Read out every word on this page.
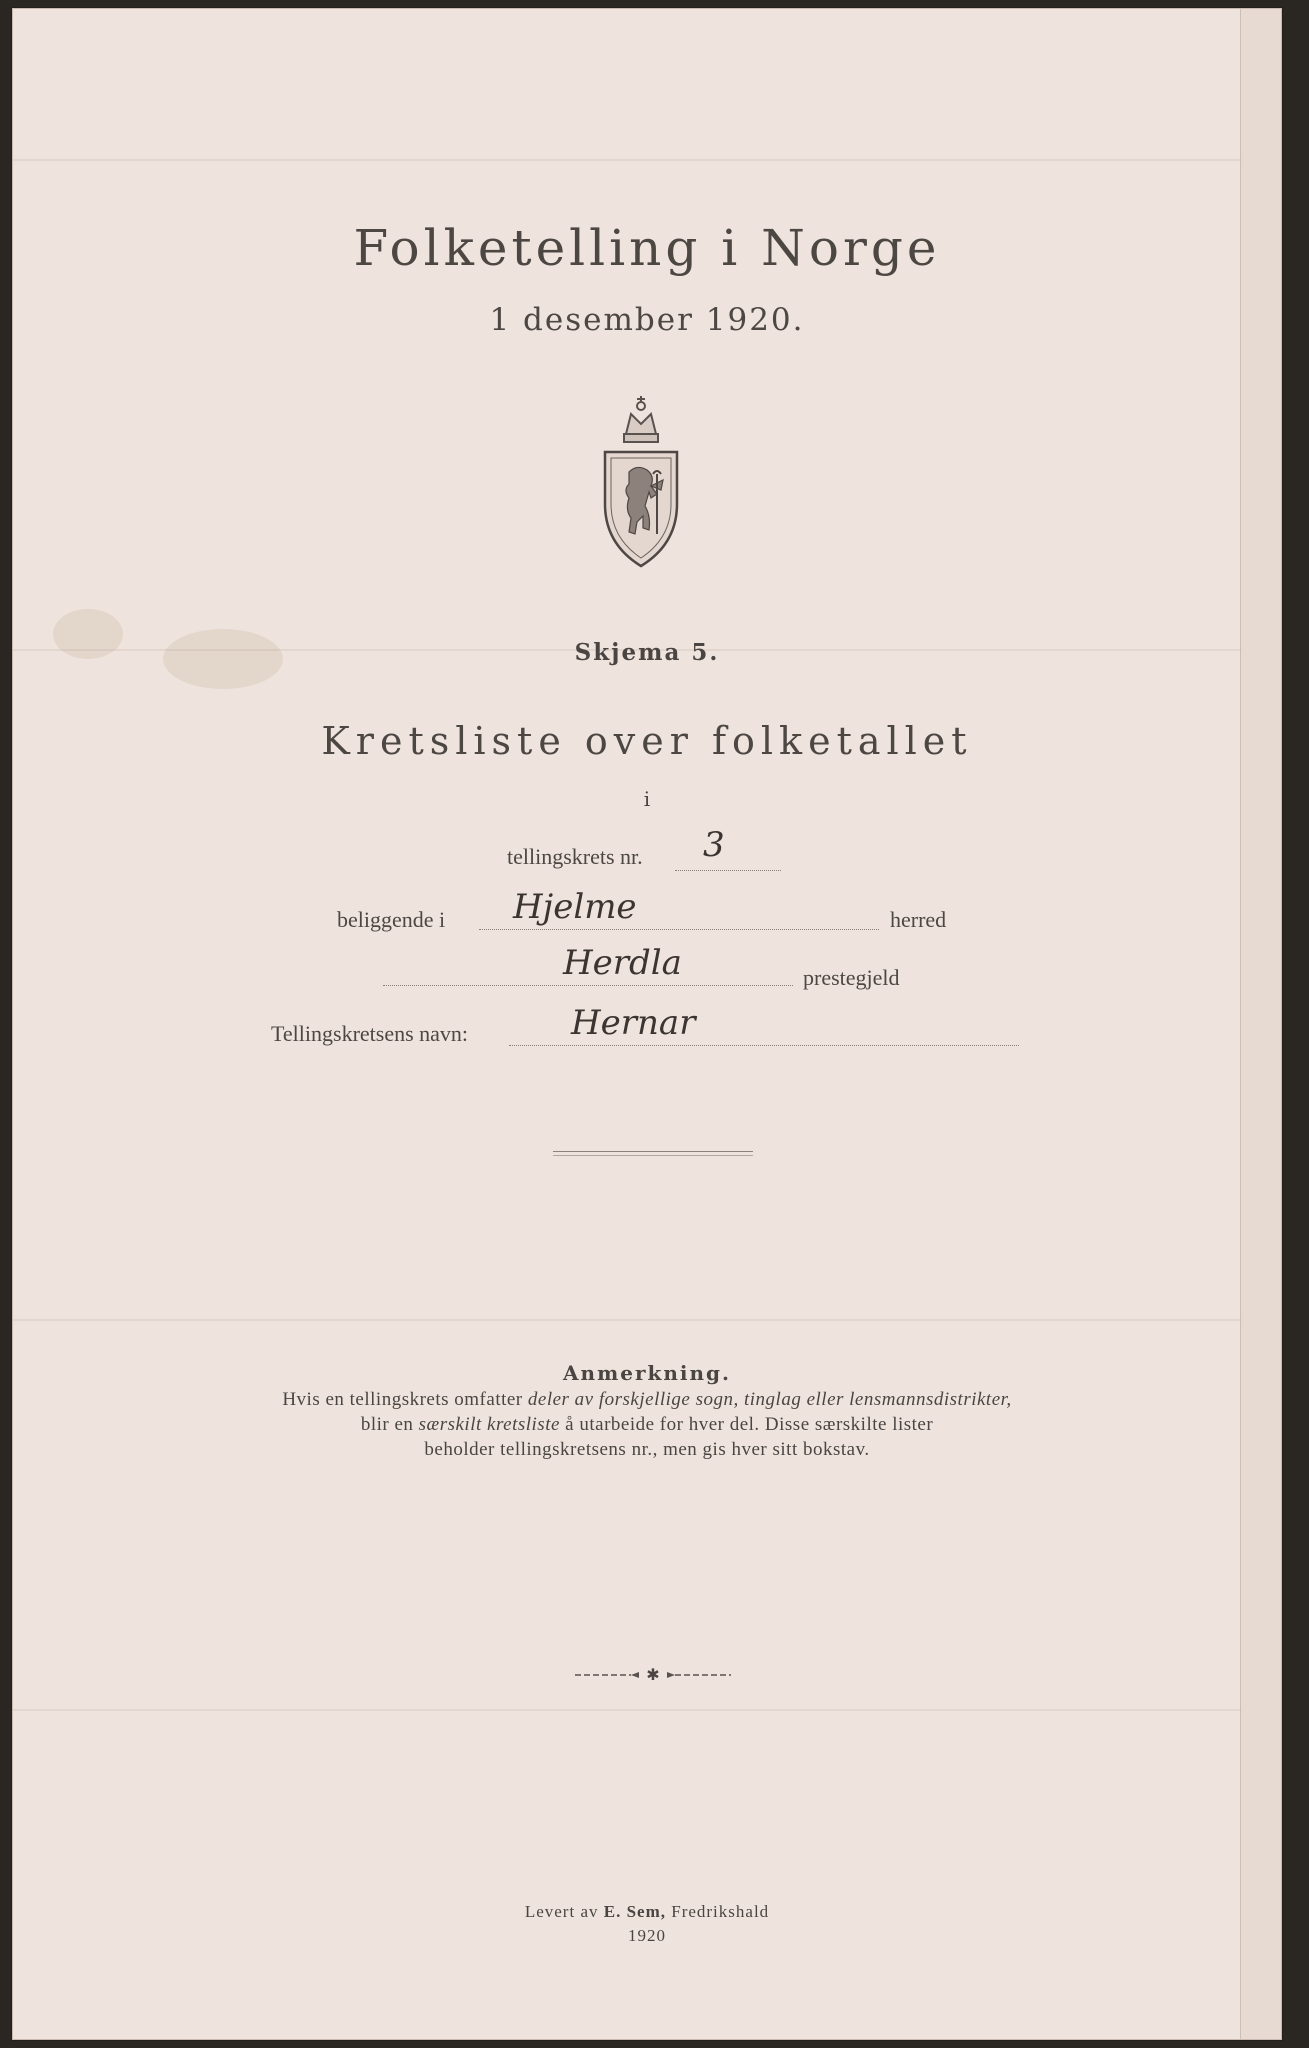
Folketelling i Norge
1 desember 1920.
Skjema 5.
Kretsliste over folketallet
i
tellingskrets nr. 3
beliggende i Hjelme	herred
Herdla	prestegjeld
Tellingskretsens navn:	Hernar
Anmerkning.
Hvis en tellingskrets omfatter deler av forskjellige sogn, tinglag eller lensmannsdistrikter,
blir en særskilt kretsliste å utarbeide for hver del. Disse særskilte lister
beholder tellingskretsens nr., men gis hver sitt bokstav.
✱
Levert av E. Sem, Fredrikshald
1920
